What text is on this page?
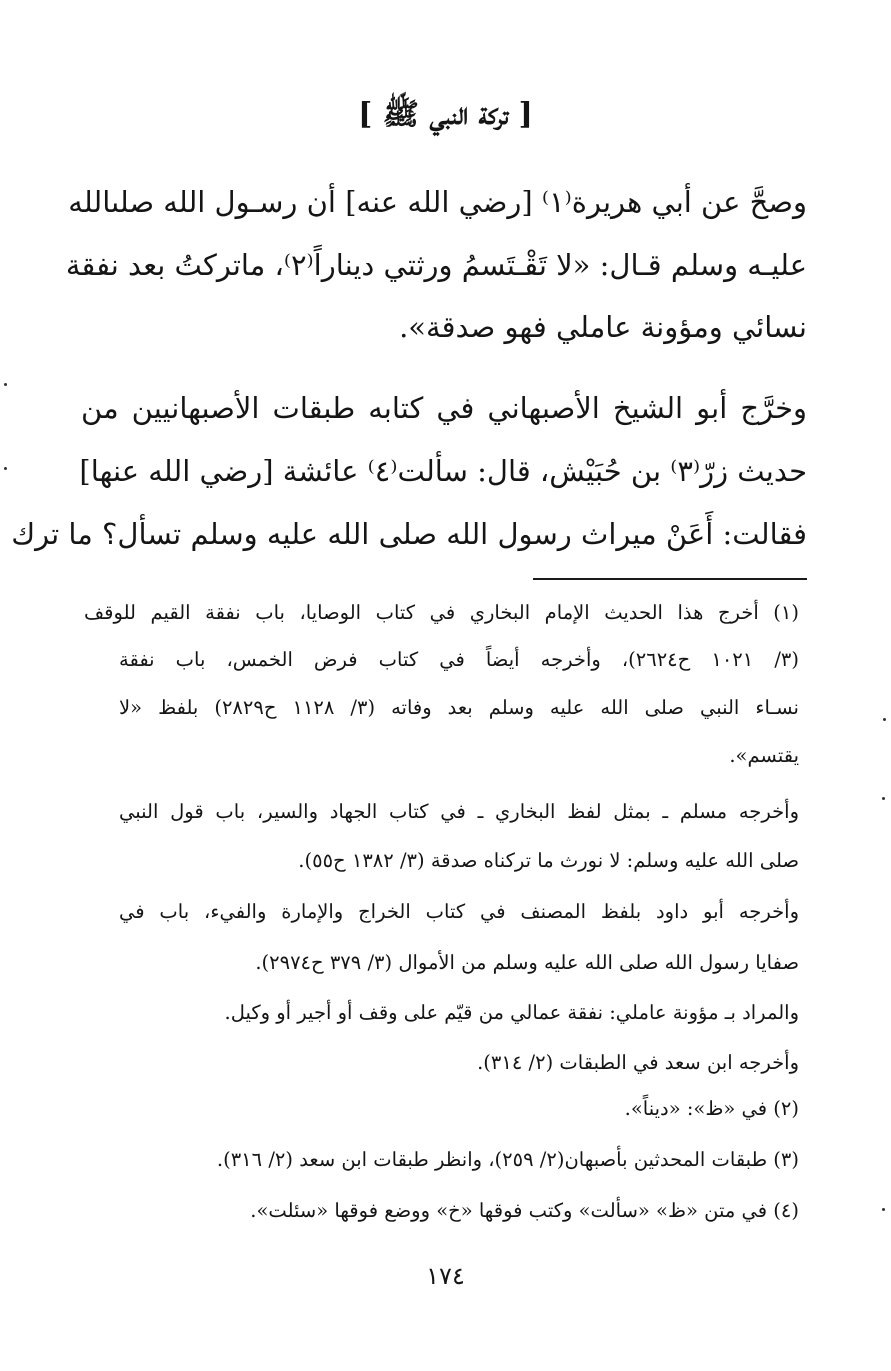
[ تركة النبي ﷺ ]
وصحَّ عن أبي هريرة⁽١⁾ [رضي الله عنه] أن رسـول الله صلىالله
عليـه وسلم قـال: «لا تَقْـتَسمُ ورثتي ديناراً⁽٢⁾، ماتركتُ بعد نفقة
نسائي ومؤونة عاملي فهو صدقة».
وخرَّج أبو الشيخ الأصبهاني في كتابه طبقات الأصبهانيين من
حديث زرّ⁽٣⁾ بن حُبَيْش، قال: سألت⁽٤⁾ عائشة [رضي الله عنها]
فقالت: أَعَنْ ميراث رسول الله صلى الله عليه وسلم تسأل؟ ما ترك
(١) أخرج هذا الحديث الإمام البخاري في كتاب الوصايا، باب نفقة القيم للوقف
(٣/ ١٠٢١ ح٢٦٢٤)، وأخرجه أيضاً في كتاب فرض الخمس، باب نفقة
نسـاء النبي صلى الله عليه وسلم بعد وفاته (٣/ ١١٢٨ ح٢٨٢٩) بلفظ «لا
يقتسم».
وأخرجه مسلم ـ بمثل لفظ البخاري ـ في كتاب الجهاد والسير، باب قول النبي
صلى الله عليه وسلم: لا نورث ما تركناه صدقة (٣/ ١٣٨٢ ح٥٥).
وأخرجه أبو داود بلفظ المصنف في كتاب الخراج والإمارة والفيء، باب في
صفايا رسول الله صلى الله عليه وسلم من الأموال (٣/ ٣٧٩ ح٢٩٧٤).
والمراد بـ مؤونة عاملي: نفقة عمالي من قيّم على وقف أو أجير أو وكيل.
وأخرجه ابن سعد في الطبقات (٢/ ٣١٤).
(٢) في «ظ»: «ديناً».
(٣) طبقات المحدثين بأصبهان(٢/ ٢٥٩)، وانظر طبقات ابن سعد (٢/ ٣١٦).
(٤) في متن «ظ» «سألت» وكتب فوقها «خ» ووضع فوقها «سئلت».
١٧٤
